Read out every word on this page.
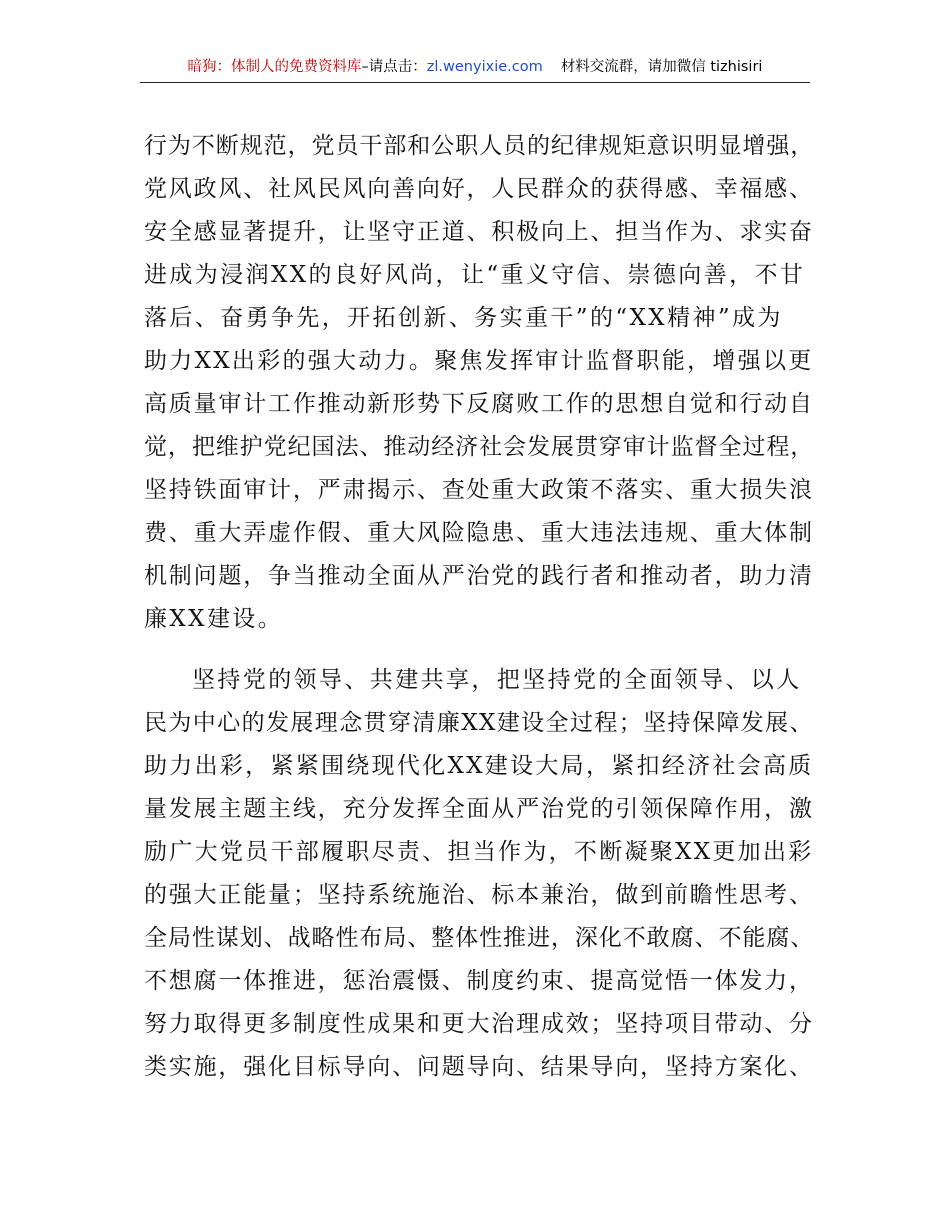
暗狗：体制人的免费资料库–请点击：zl.wenyixie.com 材料交流群，请加微信 tizhisiri
行为不断规范，党员干部和公职人员的纪律规矩意识明显增强，
党风政风、社风民风向善向好，人民群众的获得感、幸福感、
安全感显著提升，让坚守正道、积极向上、担当作为、求实奋
进成为浸润XX的良好风尚，让“重义守信、崇德向善，不甘
落后、奋勇争先，开拓创新、务实重干”的“XX精神”成为
助力XX出彩的强大动力。聚焦发挥审计监督职能，增强以更
高质量审计工作推动新形势下反腐败工作的思想自觉和行动自
觉，把维护党纪国法、推动经济社会发展贯穿审计监督全过程，
坚持铁面审计，严肃揭示、查处重大政策不落实、重大损失浪
费、重大弄虚作假、重大风险隐患、重大违法违规、重大体制
机制问题，争当推动全面从严治党的践行者和推动者，助力清
廉XX建设。
坚持党的领导、共建共享，把坚持党的全面领导、以人
民为中心的发展理念贯穿清廉XX建设全过程；坚持保障发展、
助力出彩，紧紧围绕现代化XX建设大局，紧扣经济社会高质
量发展主题主线，充分发挥全面从严治党的引领保障作用，激
励广大党员干部履职尽责、担当作为，不断凝聚XX更加出彩
的强大正能量；坚持系统施治、标本兼治，做到前瞻性思考、
全局性谋划、战略性布局、整体性推进，深化不敢腐、不能腐、
不想腐一体推进，惩治震慑、制度约束、提高觉悟一体发力，
努力取得更多制度性成果和更大治理成效；坚持项目带动、分
类实施，强化目标导向、问题导向、结果导向，坚持方案化、
